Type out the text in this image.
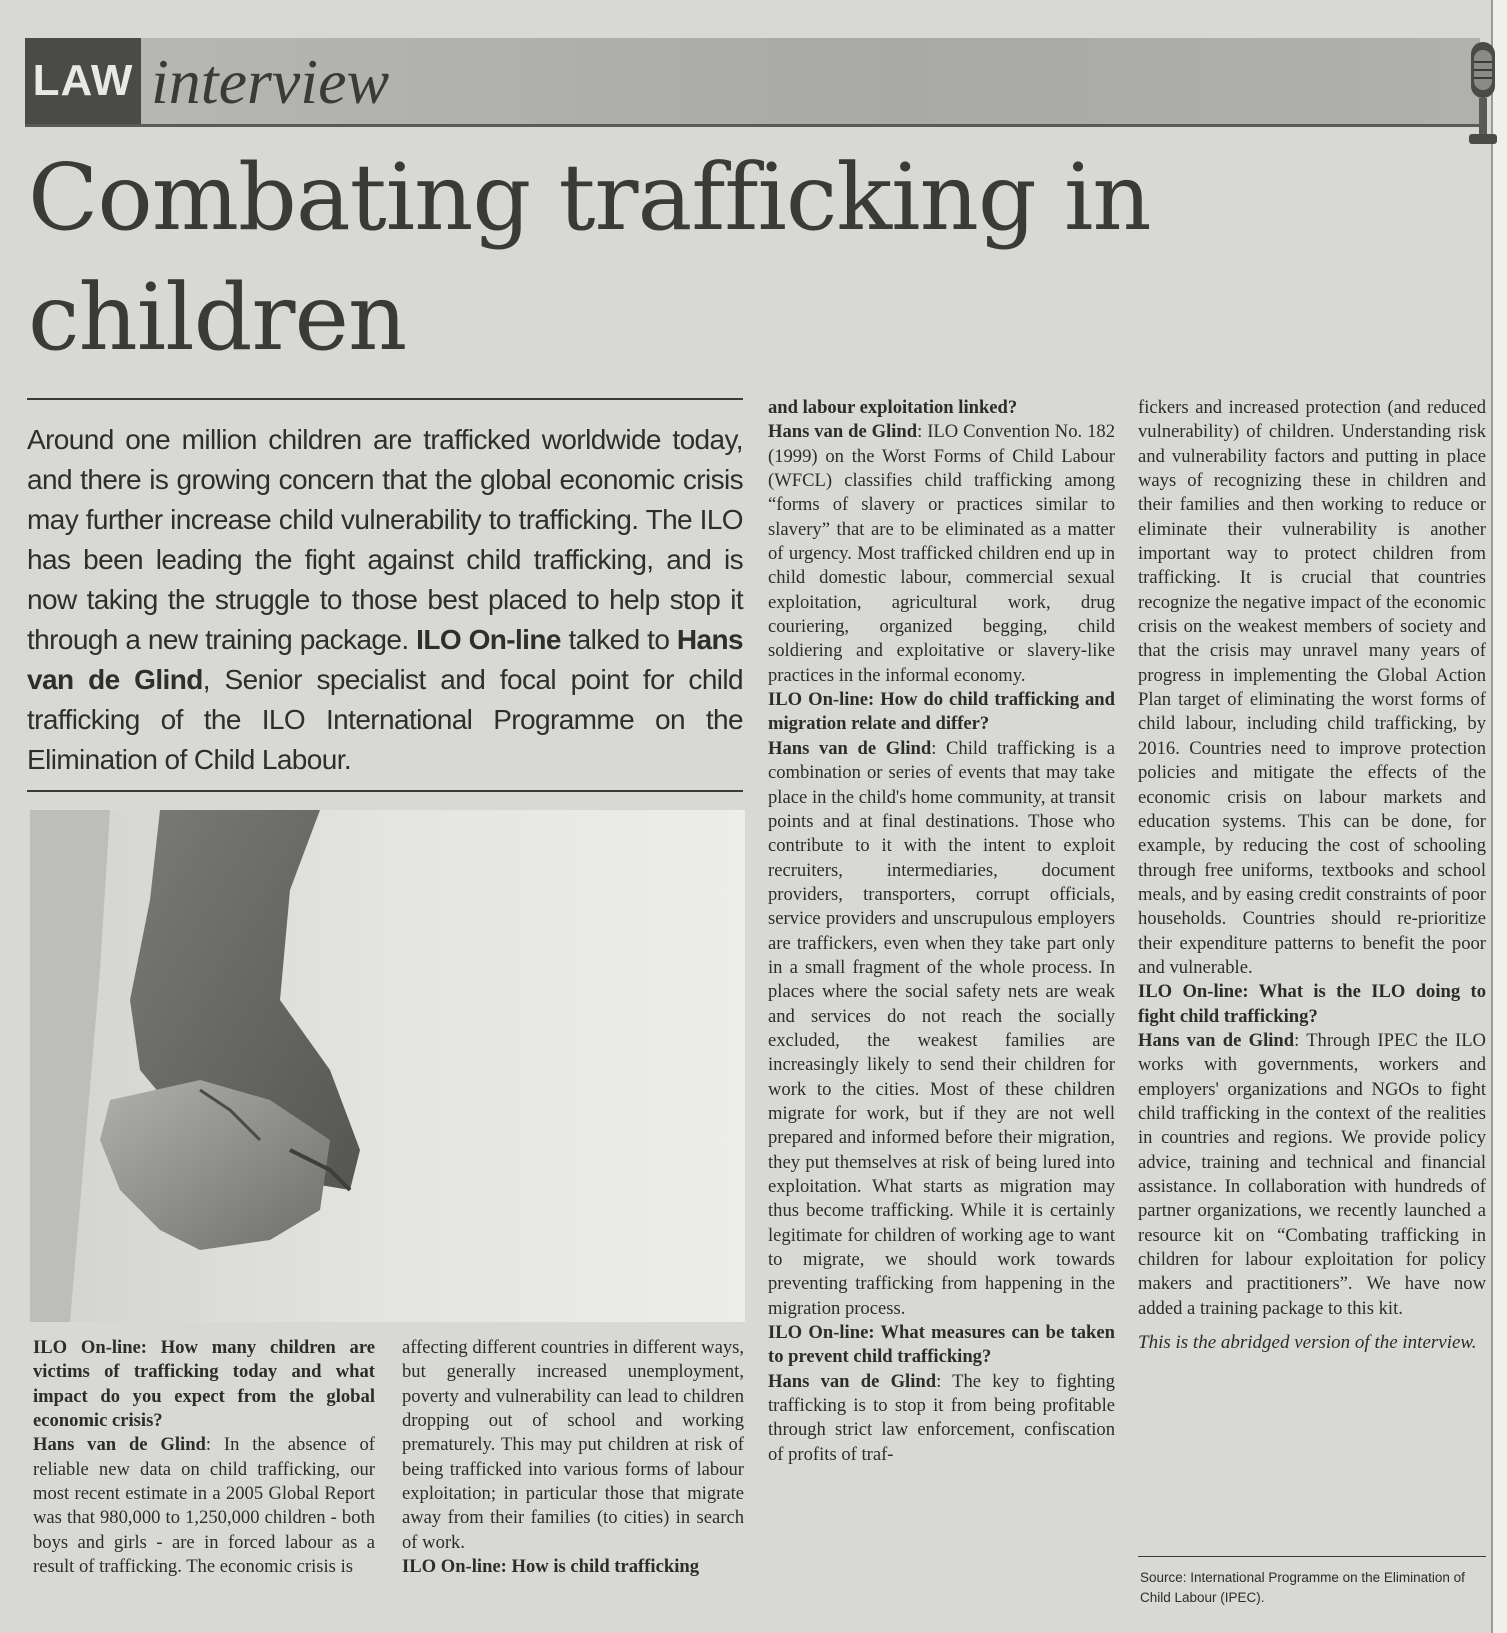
LAW interview
Combating trafficking in children
Around one million children are trafficked worldwide today, and there is growing concern that the global economic crisis may further increase child vulnerability to trafficking. The ILO has been leading the fight against child trafficking, and is now taking the struggle to those best placed to help stop it through a new training package. ILO On-line talked to Hans van de Glind, Senior specialist and focal point for child trafficking of the ILO International Programme on the Elimination of Child Labour.

ILO On-line: How many children are victims of trafficking today and what impact do you expect from the global economic crisis?

Hans van de Glind: In the absence of reliable new data on child trafficking, our most recent estimate in a 2005 Global Report was that 980,000 to 1,250,000 children - both boys and girls - are in forced labour as a result of trafficking. The economic crisis is

affecting different countries in different ways, but generally increased unemployment, poverty and vulnerability can lead to children dropping out of school and working prematurely. This may put children at risk of being trafficked into various forms of labour exploitation; in particular those that migrate away from their families (to cities) in search of work.

ILO On-line: How is child trafficking

and labour exploitation linked?

Hans van de Glind: ILO Convention No. 182 (1999) on the Worst Forms of Child Labour (WFCL) classifies child trafficking among “forms of slavery or practices similar to slavery” that are to be eliminated as a matter of urgency. Most trafficked children end up in child domestic labour, commercial sexual exploitation, agricultural work, drug couriering, organized begging, child soldiering and exploitative or slavery-like practices in the informal economy.

ILO On-line: How do child trafficking and migration relate and differ?

Hans van de Glind: Child trafficking is a combination or series of events that may take place in the child's home community, at transit points and at final destinations. Those who contribute to it with the intent to exploit recruiters, intermediaries, document providers, transporters, corrupt officials, service providers and unscrupulous employers are traffickers, even when they take part only in a small fragment of the whole process. In places where the social safety nets are weak and services do not reach the socially excluded, the weakest families are increasingly likely to send their children for work to the cities. Most of these children migrate for work, but if they are not well prepared and informed before their migration, they put themselves at risk of being lured into exploitation. What starts as migration may thus become trafficking. While it is certainly legitimate for children of working age to want to migrate, we should work towards preventing trafficking from happening in the migration process.

ILO On-line: What measures can be taken to prevent child trafficking?

Hans van de Glind: The key to fighting trafficking is to stop it from being profitable through strict law enforcement, confiscation of profits of traf-

fickers and increased protection (and reduced vulnerability) of children. Understanding risk and vulnerability factors and putting in place ways of recognizing these in children and their families and then working to reduce or eliminate their vulnerability is another important way to protect children from trafficking. It is crucial that countries recognize the negative impact of the economic crisis on the weakest members of society and that the crisis may unravel many years of progress in implementing the Global Action Plan target of eliminating the worst forms of child labour, including child trafficking, by 2016. Countries need to improve protection policies and mitigate the effects of the economic crisis on labour markets and education systems. This can be done, for example, by reducing the cost of schooling through free uniforms, textbooks and school meals, and by easing credit constraints of poor households. Countries should re-prioritize their expenditure patterns to benefit the poor and vulnerable.

ILO On-line: What is the ILO doing to fight child trafficking?

Hans van de Glind: Through IPEC the ILO works with governments, workers and employers' organizations and NGOs to fight child trafficking in the context of the realities in countries and regions. We provide policy advice, training and technical and financial assistance. In collaboration with hundreds of partner organizations, we recently launched a resource kit on “Combating trafficking in children for labour exploitation for policy makers and practitioners”. We have now added a training package to this kit.

This is the abridged version of the interview.

Source: International Programme on the Elimination of Child Labour (IPEC).
